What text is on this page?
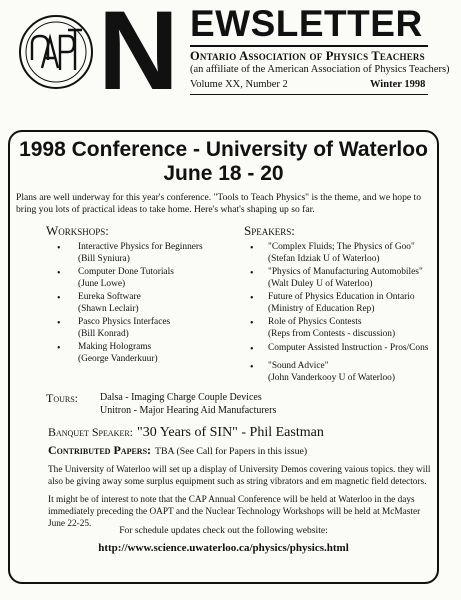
N EWSLETTER
Ontario Association of Physics Teachers
(an affiliate of the American Association of Physics Teachers)
Volume XX, Number 2	Winter 1998
1998 Conference - University of Waterloo
June 18 - 20
Plans are well underway for this year's conference. "Tools to Teach Physics" is the theme, and we hope to bring you lots of practical ideas to take home. Here's what's shaping up so far.
Workshops:
• Interactive Physics for Beginners
(Bill Syniura)
• Computer Done Tutorials
(June Lowe)
• Eureka Software
(Shawn Leclair)
• Pasco Physics Interfaces
(Bill Konrad)
• Making Holograms
(George Vanderkuur)
Speakers:
• "Complex Fluids; The Physics of Goo"
(Stefan Idziak U of Waterloo)
• "Physics of Manufacturing Automobiles"
(Walt Duley U of Waterloo)
• Future of Physics Education in Ontario
(Ministry of Education Rep)
• Role of Physics Contests
(Reps from Contests - discussion)
• Computer Assisted Instruction - Pros/Cons
• "Sound Advice"
(John Vanderkooy U of Waterloo)
Tours: Dalsa - Imaging Charge Couple Devices
Unitron - Major Hearing Aid Manufacturers
Banquet Speaker: "30 Years of SIN" - Phil Eastman
Contributed Papers: TBA (See Call for Papers in this issue)
The University of Waterloo will set up a display of University Demos covering vaious topics. they will also be giving away some surplus equipment such as string vibrators and em magnetic field detectors.
It might be of interest to note that the CAP Annual Conference will be held at Waterloo in the days immediately preceding the OAPT and the Nuclear Technology Workshops will be held at McMaster June 22-25.
For schedule updates check out the following website:
http://www.science.uwaterloo.ca/physics/physics.html
